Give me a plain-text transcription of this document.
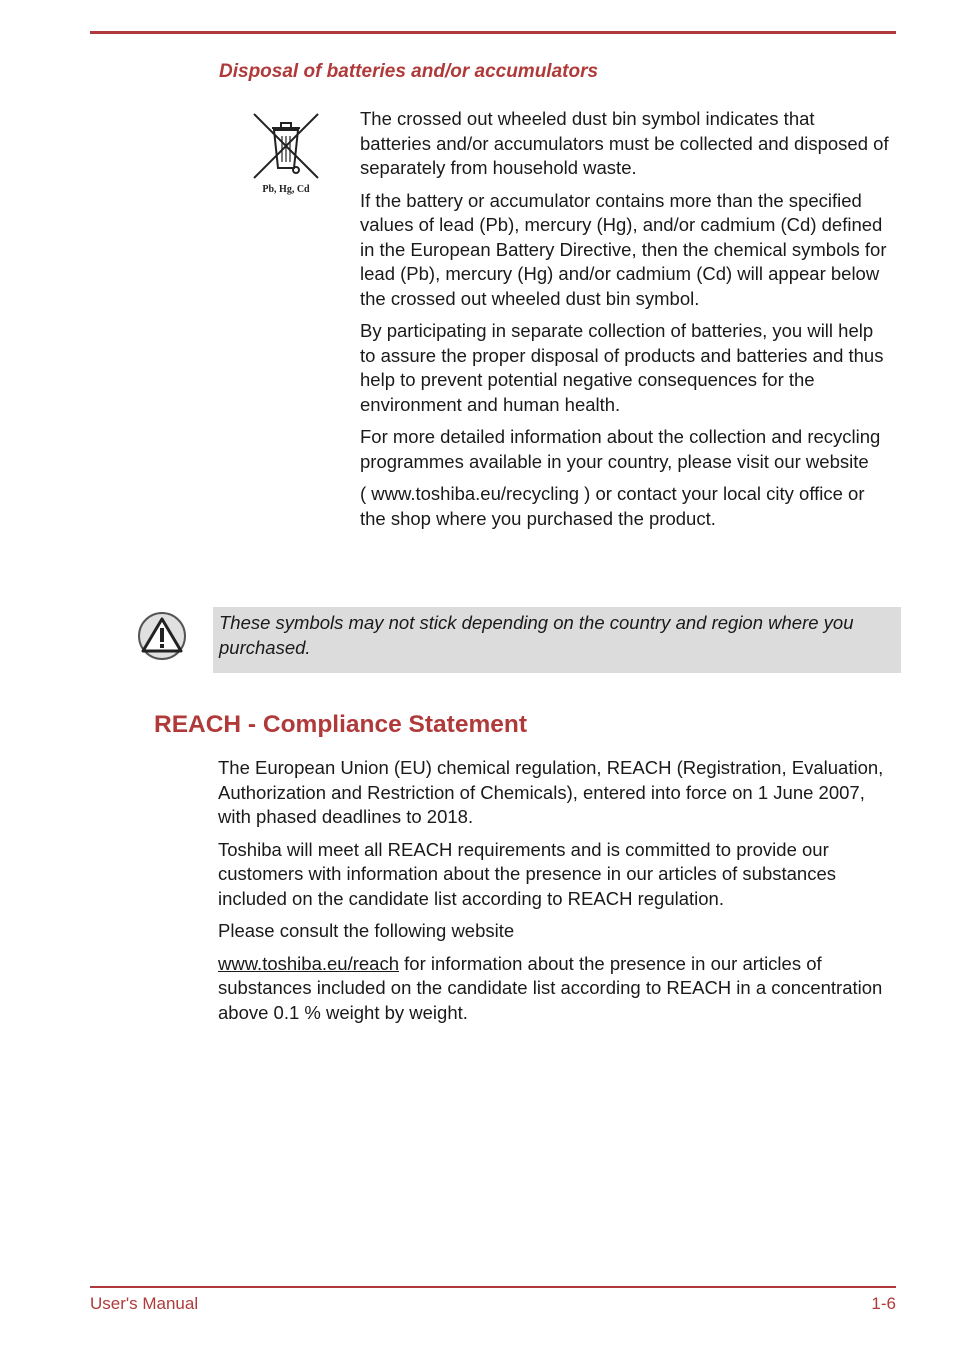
Disposal of batteries and/or accumulators
Pb, Hg, Cd

The crossed out wheeled dust bin symbol indicates that batteries and/or accumulators must be collected and disposed of separately from household waste.

If the battery or accumulator contains more than the specified values of lead (Pb), mercury (Hg), and/or cadmium (Cd) defined in the European Battery Directive, then the chemical symbols for lead (Pb), mercury (Hg) and/or cadmium (Cd) will appear below the crossed out wheeled dust bin symbol.

By participating in separate collection of batteries, you will help to assure the proper disposal of products and batteries and thus help to prevent potential negative consequences for the environment and human health.

For more detailed information about the collection and recycling programmes available in your country, please visit our website

( www.toshiba.eu/recycling ) or contact your local city office or the shop where you purchased the product.

These symbols may not stick depending on the country and region where you purchased.

REACH - Compliance Statement

The European Union (EU) chemical regulation, REACH (Registration, Evaluation, Authorization and Restriction of Chemicals), entered into force on 1 June 2007, with phased deadlines to 2018.

Toshiba will meet all REACH requirements and is committed to provide our customers with information about the presence in our articles of substances included on the candidate list according to REACH regulation.

Please consult the following website

www.toshiba.eu/reach for information about the presence in our articles of substances included on the candidate list according to REACH in a concentration above 0.1 % weight by weight.

User's Manual	1-6
